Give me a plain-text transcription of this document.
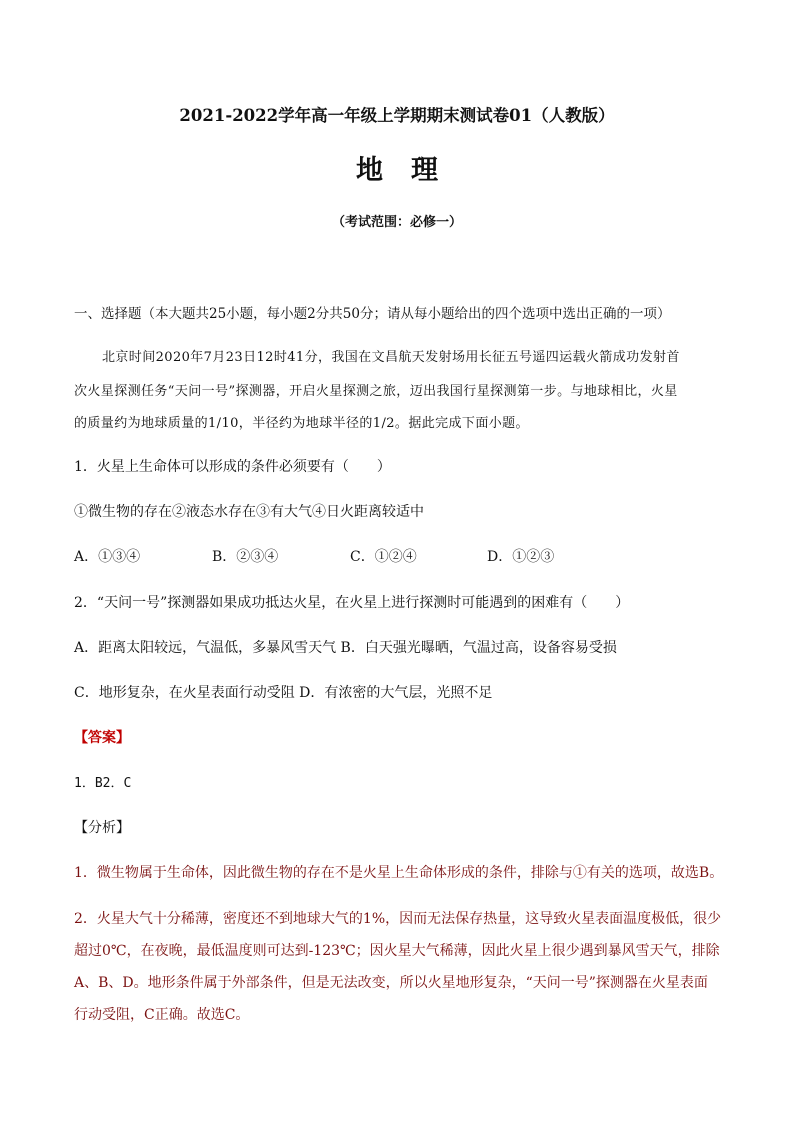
2021-2022学年高一年级上学期期末测试卷01（人教版）
地理
（考试范围：必修一）
一、选择题（本大题共25小题，每小题2分共50分；请从每小题给出的四个选项中选出正确的一项）
北京时间2020年7月23日12时41分，我国在文昌航天发射场用长征五号遥四运载火箭成功发射首
次火星探测任务“天问一号”探测器，开启火星探测之旅，迈出我国行星探测第一步。与地球相比，火星
的质量约为地球质量的1/10，半径约为地球半径的1/2。据此完成下面小题。
1．火星上生命体可以形成的条件必须要有（　　）
①微生物的存在②液态水存在③有大气④日火距离较适中
A．①③④	B．②③④	C．①②④	D．①②③
2．“天问一号”探测器如果成功抵达火星，在火星上进行探测时可能遇到的困难有（　　）
A．距离太阳较远，气温低，多暴风雪天气 B．白天强光曝晒，气温过高，设备容易受损
C．地形复杂，在火星表面行动受阻 D．有浓密的大气层，光照不足
【答案】
1．B2．C
【分析】
1．微生物属于生命体，因此微生物的存在不是火星上生命体形成的条件，排除与①有关的选项，故选B。
2．火星大气十分稀薄，密度还不到地球大气的1%，因而无法保存热量，这导致火星表面温度极低，很少
超过0℃，在夜晚，最低温度则可达到-123℃；因火星大气稀薄，因此火星上很少遇到暴风雪天气，排除
A、B、D。地形条件属于外部条件，但是无法改变，所以火星地形复杂，“天问一号”探测器在火星表面
行动受阻，C正确。故选C。
